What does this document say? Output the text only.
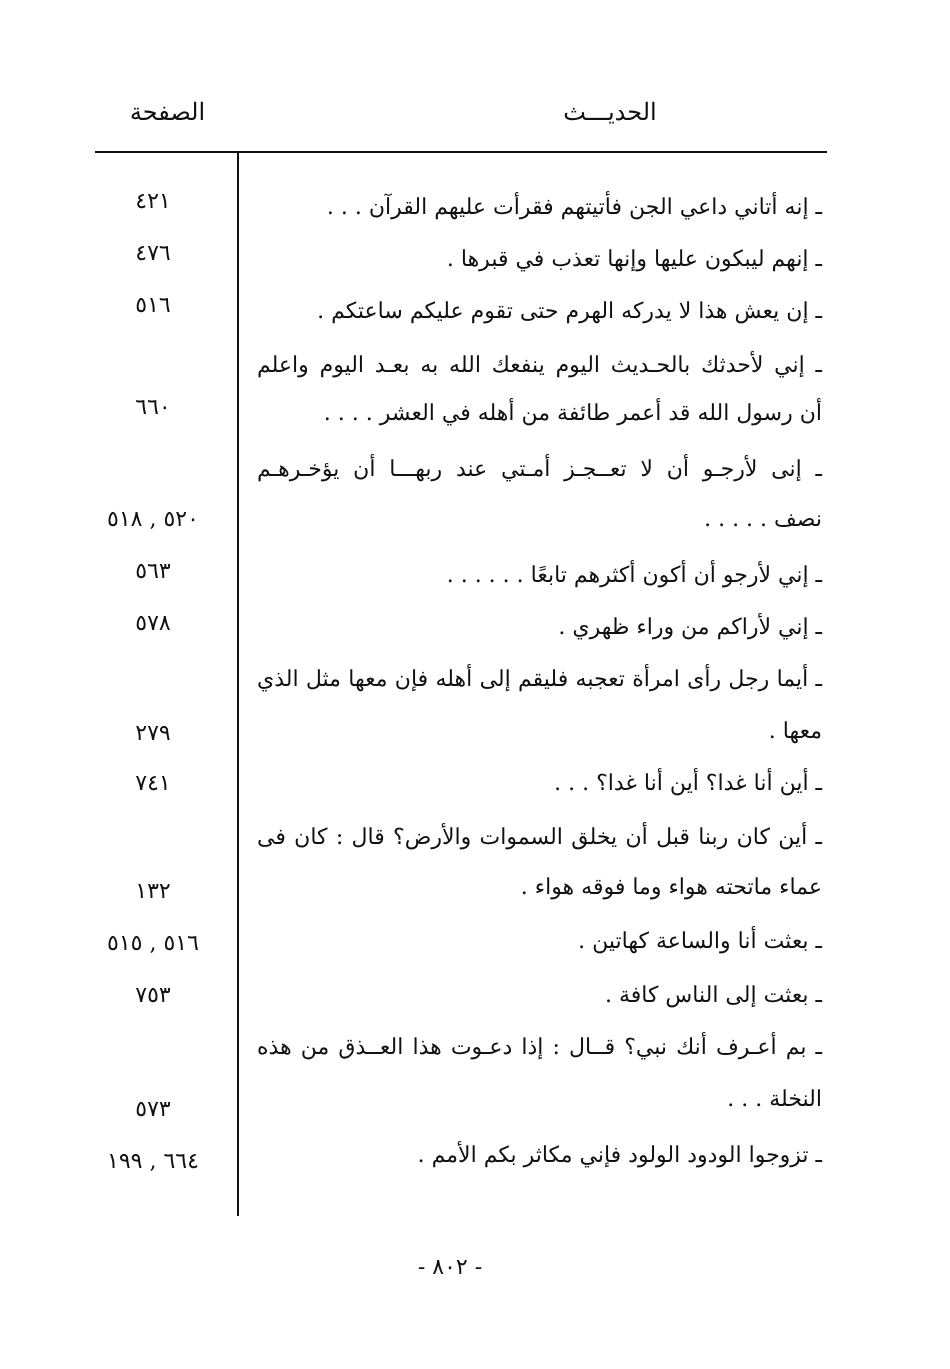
الحديـــث
الصفحة
ـ إنه أتاني داعي الجن فأتيتهم فقرأت عليهم القرآن . . .
٤٢١
ـ إنهم ليبكون عليها وإنها تعذب في قبرها .
٤٧٦
ـ إن يعش هذا لا يدركه الهرم حتى تقوم عليكم ساعتكم .
٥١٦
ـ إني لأحدثك بالحـديث اليوم ينفعك الله به بعـد اليوم واعلم
أن رسول الله قد أعمر طائفة من أهله في العشر . . . .
٦٦٠
ـ إنى لأرجـو أن لا تعــجـز أمـتي عند ربهـــا أن يؤخـرهـم
نصف . . . . .
٥٢٠ , ٥١٨
ـ إني لأرجو أن أكون أكثرهم تابعًا . . . . . .
٥٦٣
ـ إني لأراكم من وراء ظهري .
٥٧٨
ـ أيما رجل رأى امرأة تعجبه فليقم إلى أهله فإن معها مثل الذي
معها .
٢٧٩
ـ أين أنا غدا؟ أين أنا غدا؟ . . .
٧٤١
ـ أين كان ربنا قبل أن يخلق السموات والأرض؟ قال : كان فى
عماء ماتحته هواء وما فوقه هواء .
١٣٢
ـ بعثت أنا والساعة كهاتين .
٥١٦ , ٥١٥
ـ بعثت إلى الناس كافة .
٧٥٣
ـ بم أعـرف أنك نبي؟ قــال : إذا دعـوت هذا العــذق من هذه
النخلة . . .
٥٧٣
ـ تزوجوا الودود الولود فإني مكاثر بكم الأمم .
٦٦٤ , ١٩٩
- ٨٠٢ -
